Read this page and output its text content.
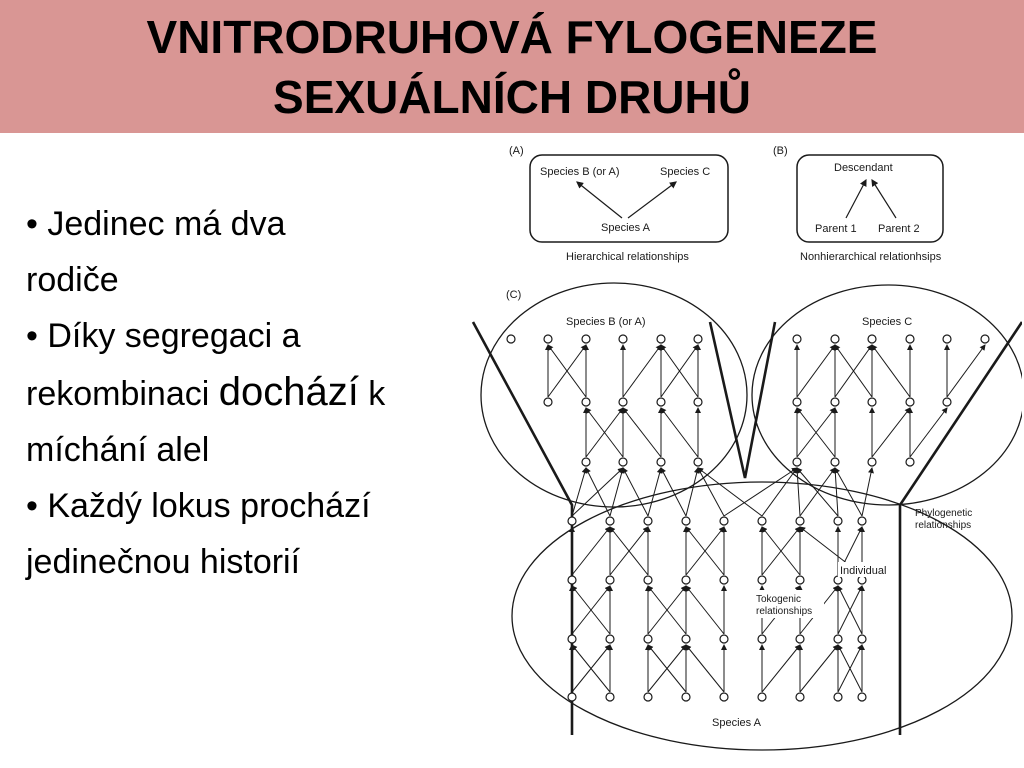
VNITRODRUHOVÁ FYLOGENEZE
SEXUÁLNÍCH DRUHŮ

• Jedinec má dva

rodiče

• Díky segregaci a

rekombinaci dochází k

míchání alel

• Každý lokus prochází

jedinečnou historií

(A)
Species B (or A)	Species C
Species A
Hierarchical relationships
(B)
Descendant
Parent 1 Parent 2
Nonhierarchical relationhsips
(C)
Species B (or A)	Species C
Phylogenetic
relationships
Individual
Tokogenic
relationships
Species A
